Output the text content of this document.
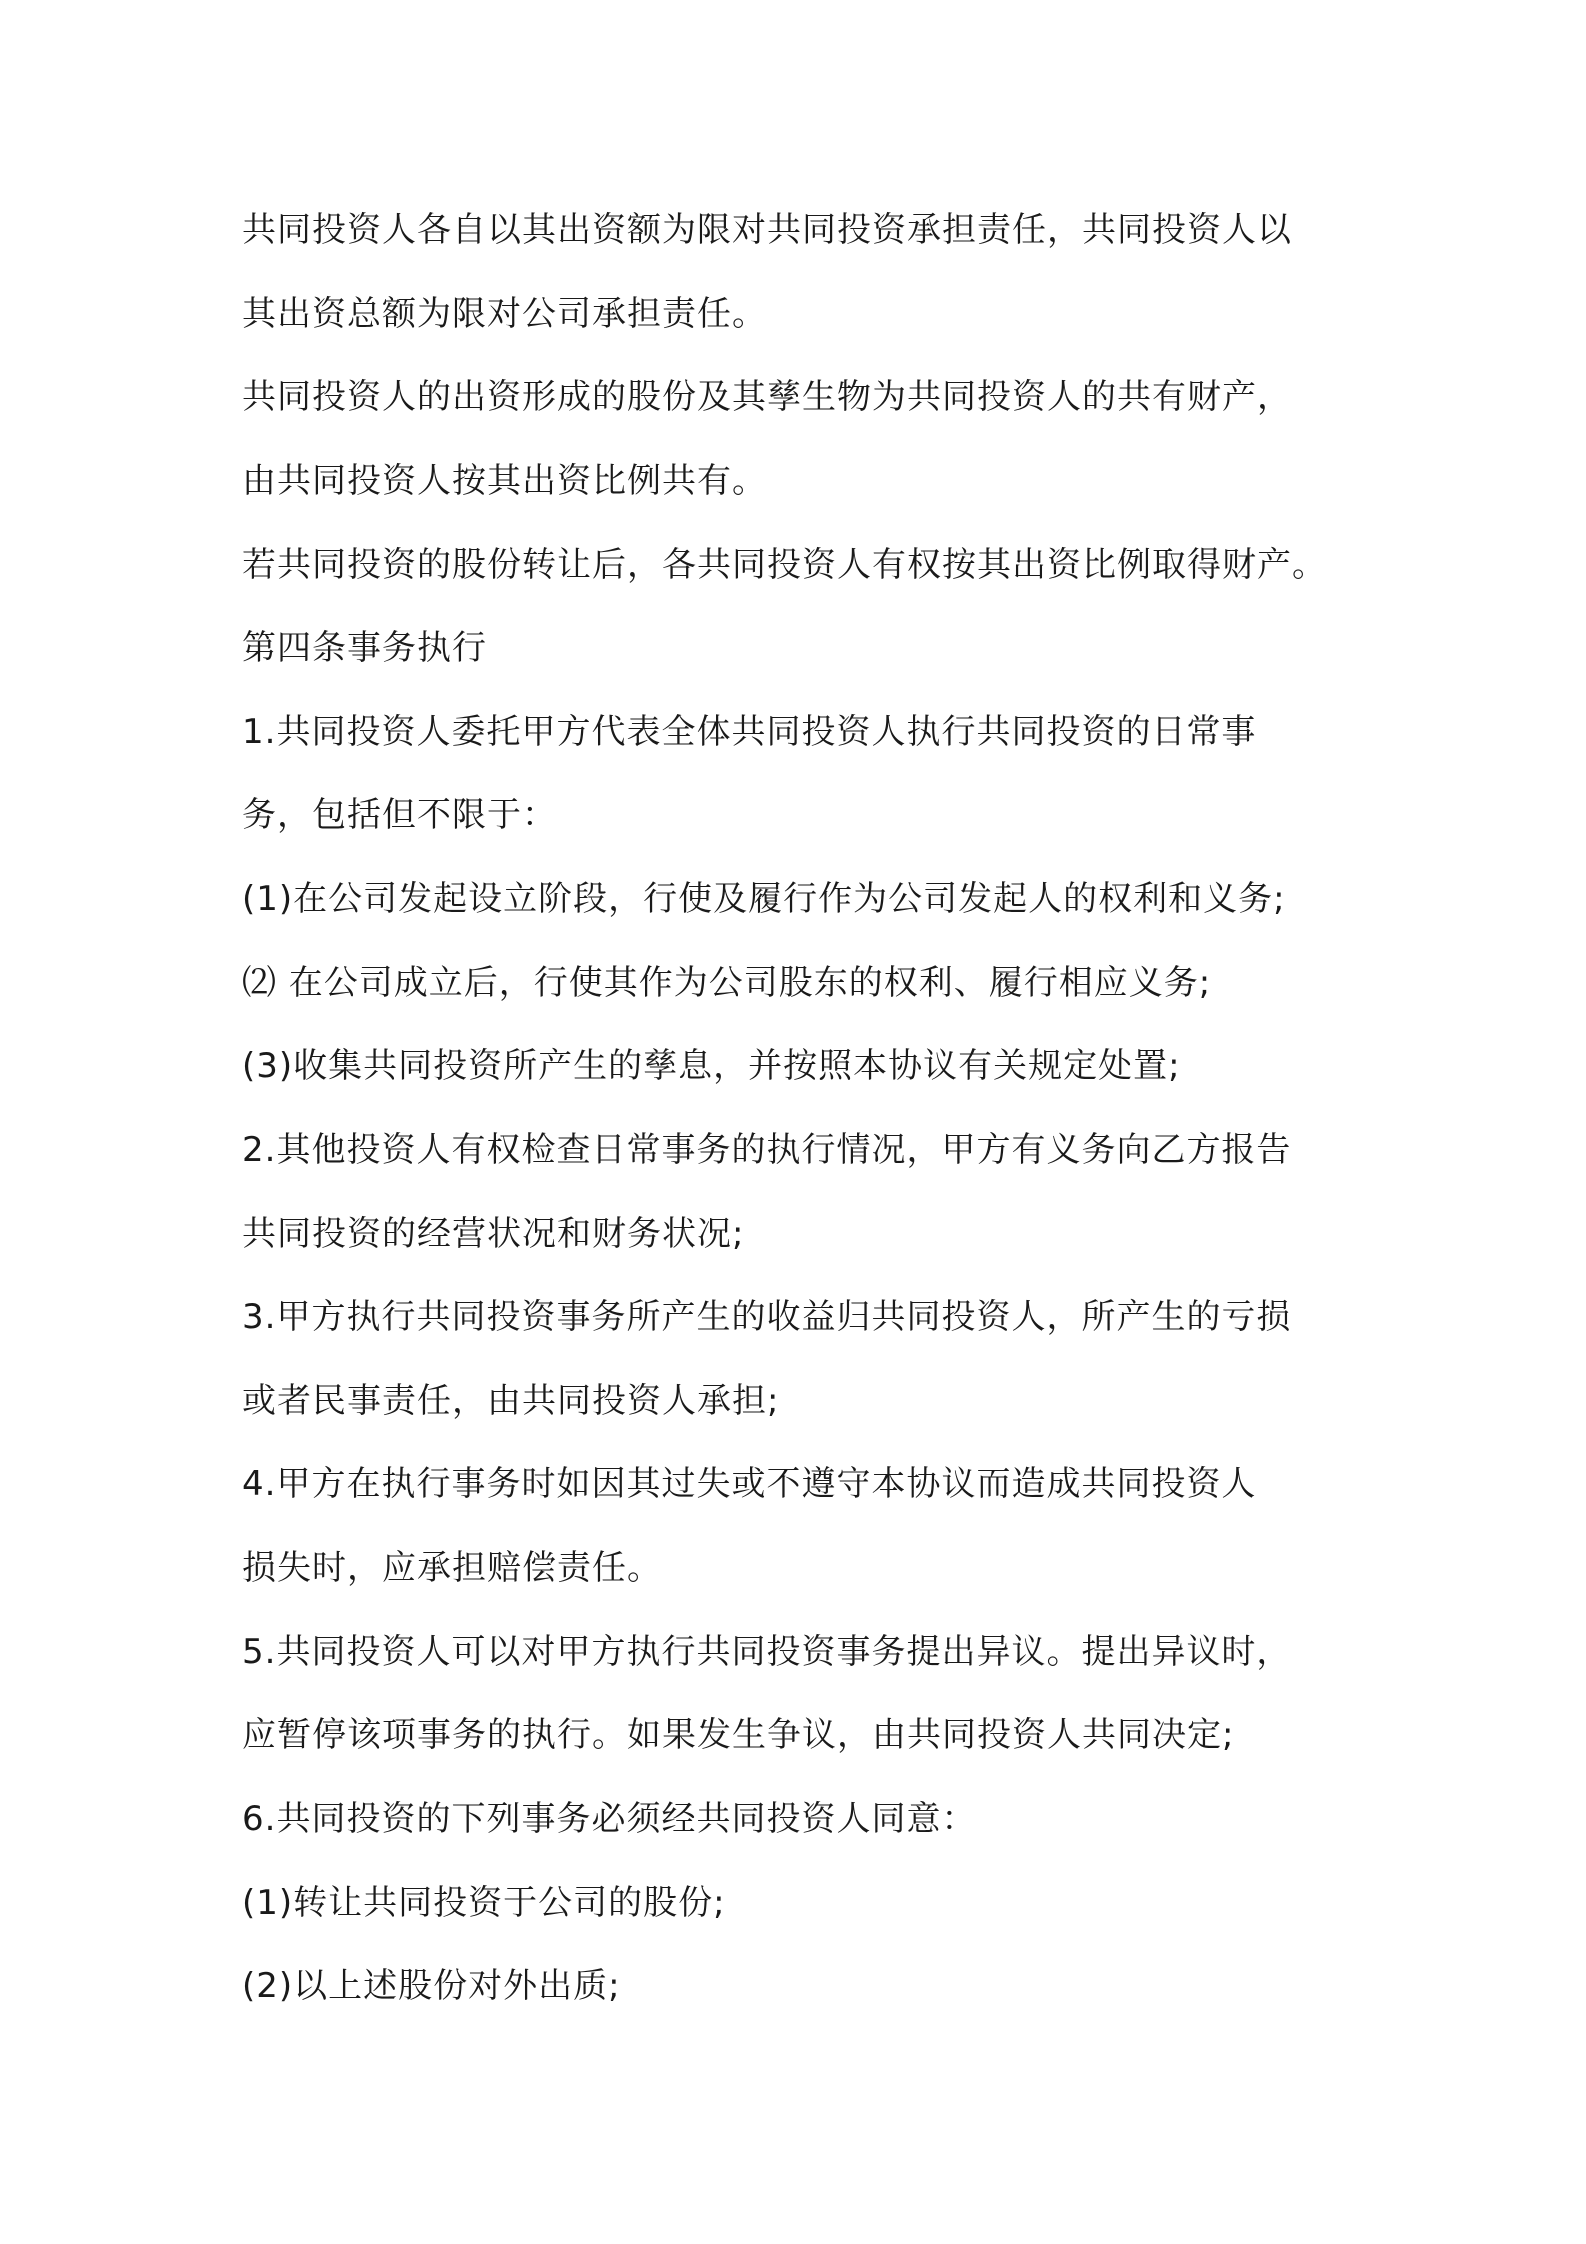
共同投资人各自以其出资额为限对共同投资承担责任，共同投资人以
其出资总额为限对公司承担责任。
共同投资人的出资形成的股份及其孳生物为共同投资人的共有财产，
由共同投资人按其出资比例共有。
若共同投资的股份转让后，各共同投资人有权按其出资比例取得财产。
第四条事务执行
1.共同投资人委托甲方代表全体共同投资人执行共同投资的日常事
务，包括但不限于：
(1)在公司发起设立阶段，行使及履行作为公司发起人的权利和义务;
⑵ 在公司成立后，行使其作为公司股东的权利、履行相应义务;
(3)收集共同投资所产生的孳息，并按照本协议有关规定处置;
2.其他投资人有权检查日常事务的执行情况，甲方有义务向乙方报告
共同投资的经营状况和财务状况;
3.甲方执行共同投资事务所产生的收益归共同投资人，所产生的亏损
或者民事责任，由共同投资人承担;
4.甲方在执行事务时如因其过失或不遵守本协议而造成共同投资人
损失时，应承担赔偿责任。
5.共同投资人可以对甲方执行共同投资事务提出异议。提出异议时，
应暂停该项事务的执行。如果发生争议，由共同投资人共同决定;
6.共同投资的下列事务必须经共同投资人同意：
(1)转让共同投资于公司的股份;
(2)以上述股份对外出质;
